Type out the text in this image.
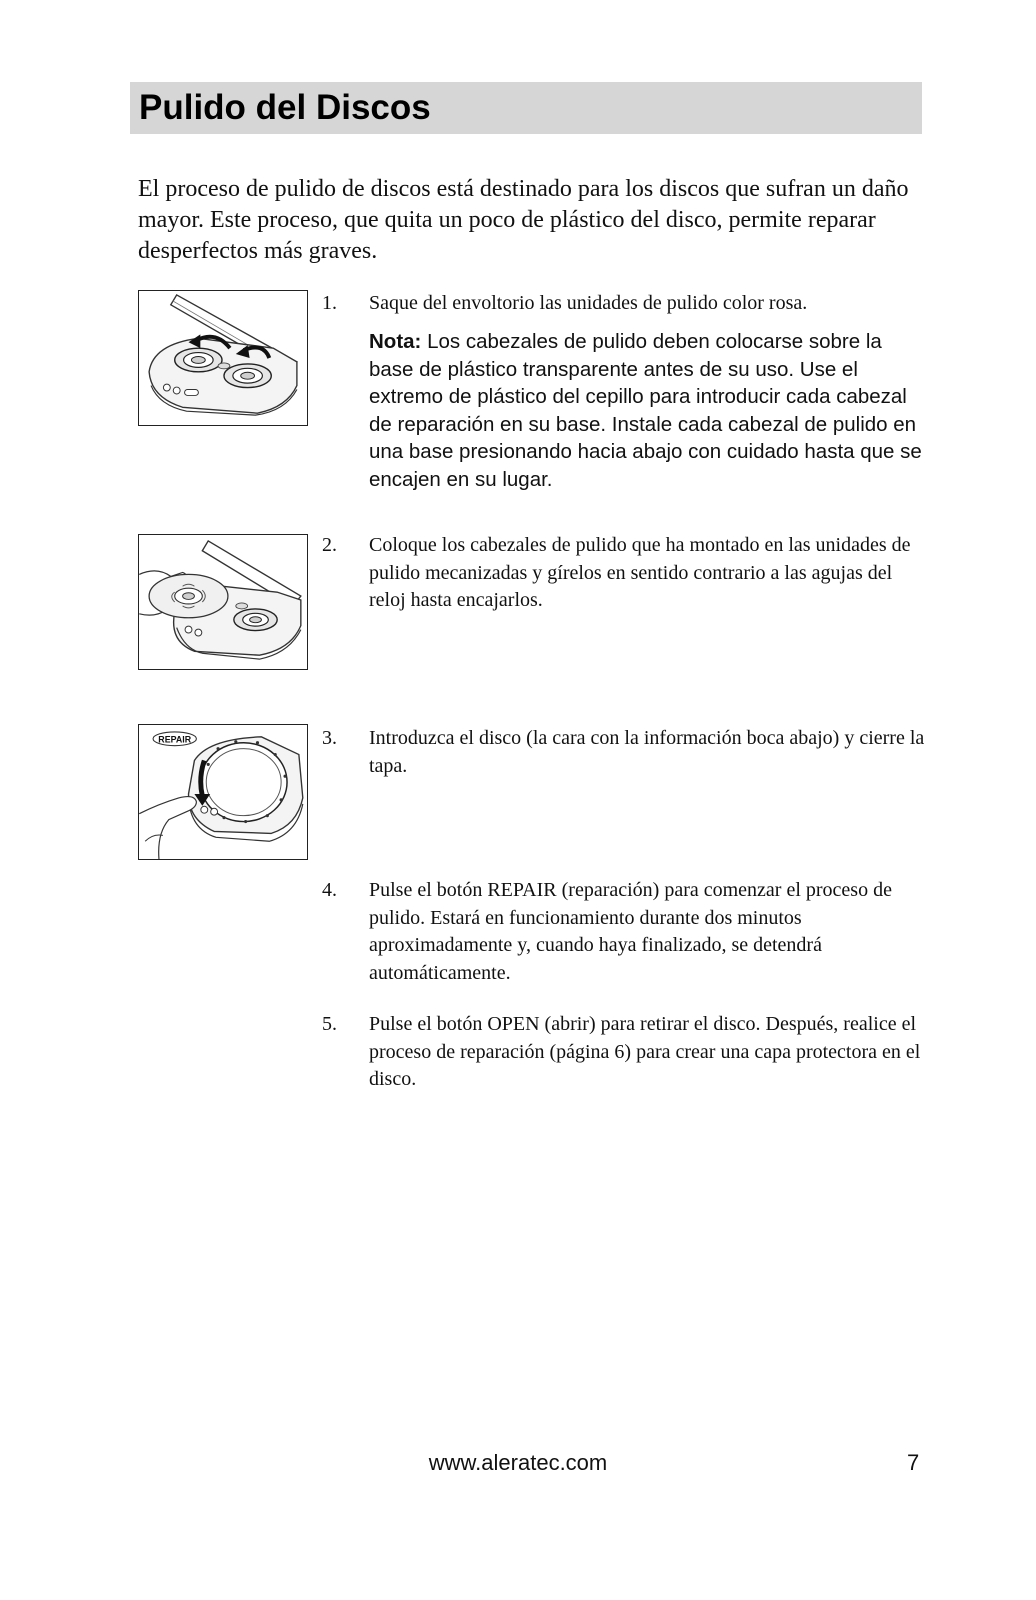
Pulido del Discos

El proceso de pulido de discos está destinado para los discos que sufran un daño mayor. Este proceso, que quita un poco de plástico del disco, permite reparar desperfectos más graves.

REPAIR
1. Saque del envoltorio las unidades de pulido color rosa.

Nota: Los cabezales de pulido deben colocarse sobre la base de plástico transparente antes de su uso. Use el extremo de plástico del cepillo para introducir cada cabezal de reparación en su base. Instale cada cabezal de pulido en una base presionando hacia abajo con cuidado hasta que se encajen en su lugar.

2. Coloque los cabezales de pulido que ha montado en las unidades de pulido mecanizadas y gírelos en sentido contrario a las agujas del reloj hasta encajarlos.
3. Introduzca el disco (la cara con la información boca abajo) y cierre la tapa.
4. Pulse el botón REPAIR (reparación) para comenzar el proceso de pulido. Estará en funcionamiento durante dos minutos aproximadamente y, cuando haya finalizado, se detendrá automáticamente.
5. Pulse el botón OPEN (abrir) para retirar el disco. Después, realice el proceso de reparación (página 6) para crear una capa protectora en el disco.
www.aleratec.com	7
